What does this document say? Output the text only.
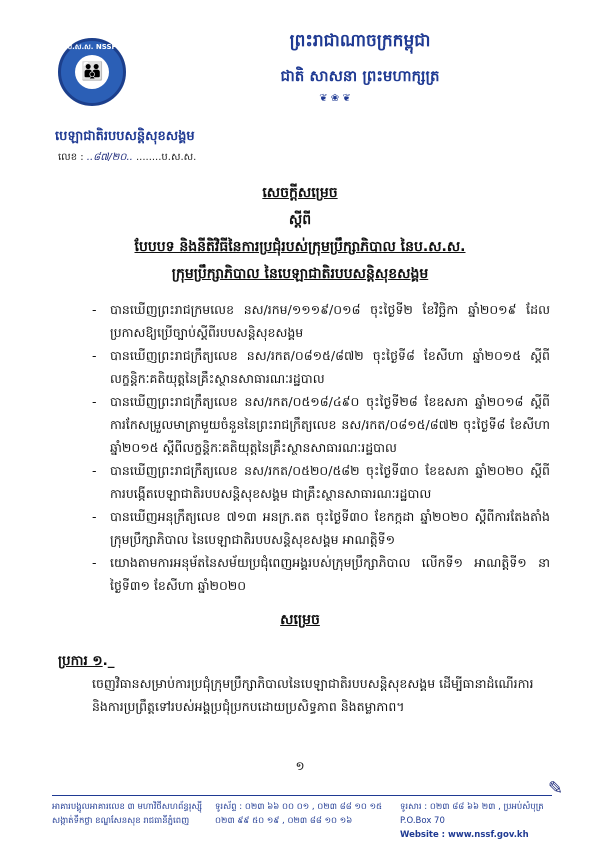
ព្រះរាជាណាចក្រកម្ពុជា
ជាតិ សាសនា ព្រះមហាក្សត្រ
❦ ❀ ❦
ប.ស.ស. NSSF
👪
បេឡាជាតិរបបសន្តិសុខសង្គម
លេខ : ..៨៧/២០.. ........ប.ស.ស.
សេចក្តីសម្រេច
ស្តីពី
បែបបទ និងនីតិវិធីនៃការប្រជុំរបស់ក្រុមប្រឹក្សាភិបាល នៃប.ស.ស.
ក្រុមប្រឹក្សាភិបាល នៃបេឡាជាតិរបបសន្តិសុខសង្គម
- បានឃើញព្រះរាជក្រមលេខ នស/រកម/១១១៩/០១៨ ចុះថ្ងៃទី២ ខែវិច្ឆិកា ឆ្នាំ២០១៩ ដែលប្រកាសឱ្យប្រើច្បាប់ស្តីពីរបបសន្តិសុខសង្គម
- បានឃើញព្រះរាជក្រឹត្យលេខ នស/រកត/០៨១៥/៨៧២ ចុះថ្ងៃទី៨ ខែសីហា ឆ្នាំ២០១៥ ស្តីពីលក្ខន្តិកៈគតិយុត្តនៃគ្រឹះស្ថានសាធារណៈរដ្ឋបាល
- បានឃើញព្រះរាជក្រឹត្យលេខ នស/រកត/០៥១៨/៤៩០ ចុះថ្ងៃទី២៨ ខែឧសភា ឆ្នាំ២០១៨ ស្តីពីការកែសម្រួលមាត្រាមួយចំនួននៃព្រះរាជក្រឹត្យលេខ នស/រកត/០៨១៥/៨៧២ ចុះថ្ងៃទី៨ ខែសីហា ឆ្នាំ២០១៥ ស្តីពីលក្ខន្តិកៈគតិយុត្តនៃគ្រឹះស្ថានសាធារណៈរដ្ឋបាល
- បានឃើញព្រះរាជក្រឹត្យលេខ នស/រកត/០៥២០/៥៨២ ចុះថ្ងៃទី៣០ ខែឧសភា ឆ្នាំ២០២០ ស្តីពីការបង្កើតបេឡាជាតិរបបសន្តិសុខសង្គម ជាគ្រឹះស្ថានសាធារណៈរដ្ឋបាល
- បានឃើញអនុក្រឹត្យលេខ ៧១៣ អនក្រ.តត ចុះថ្ងៃទី៣០ ខែកក្កដា ឆ្នាំ២០២០ ស្តីពីការតែងតាំងក្រុមប្រឹក្សាភិបាល នៃបេឡាជាតិរបបសន្តិសុខសង្គម អាណត្តិទី១
- យោងតាមការអនុម័តនៃសម័យប្រជុំពេញអង្គរបស់ក្រុមប្រឹក្សាភិបាល លើកទី១ អាណត្តិទី១ នាថ្ងៃទី៣១ ខែសីហា ឆ្នាំ២០២០
សម្រេច
ប្រការ ១._
ចេញវិធានសម្រាប់ការប្រជុំក្រុមប្រឹក្សាភិបាលនៃបេឡាជាតិរបបសន្តិសុខសង្គម ដើម្បីធានាដំណើរការ និងការប្រព្រឹត្តទៅរបស់អង្គប្រជុំប្រកបដោយប្រសិទ្ធភាព និងតម្លាភាព។
១
✎
អាគារបង្គូលអាគារលេខ ៣ មហាវិថីសហព័ន្ធរុស្ស៊ី
សង្កាត់ទឹកថ្លា ខណ្ឌសែនសុខ រាជធានីភ្នំពេញ
ទូរស័ព្ទ : ០២៣ ៦៦ ០០ ០១ , ០២៣ ៨៨ ១០ ១៥
០២៣ ៩៩ ៥០ ១៩ , ០២៣ ៨៨ ១០ ១៦
ទូរសារ : ០២៣ ៨៨ ៦៦ ២៣ , ប្រអប់សំបុត្រ P.O.Box 70
Website : www.nssf.gov.kh
